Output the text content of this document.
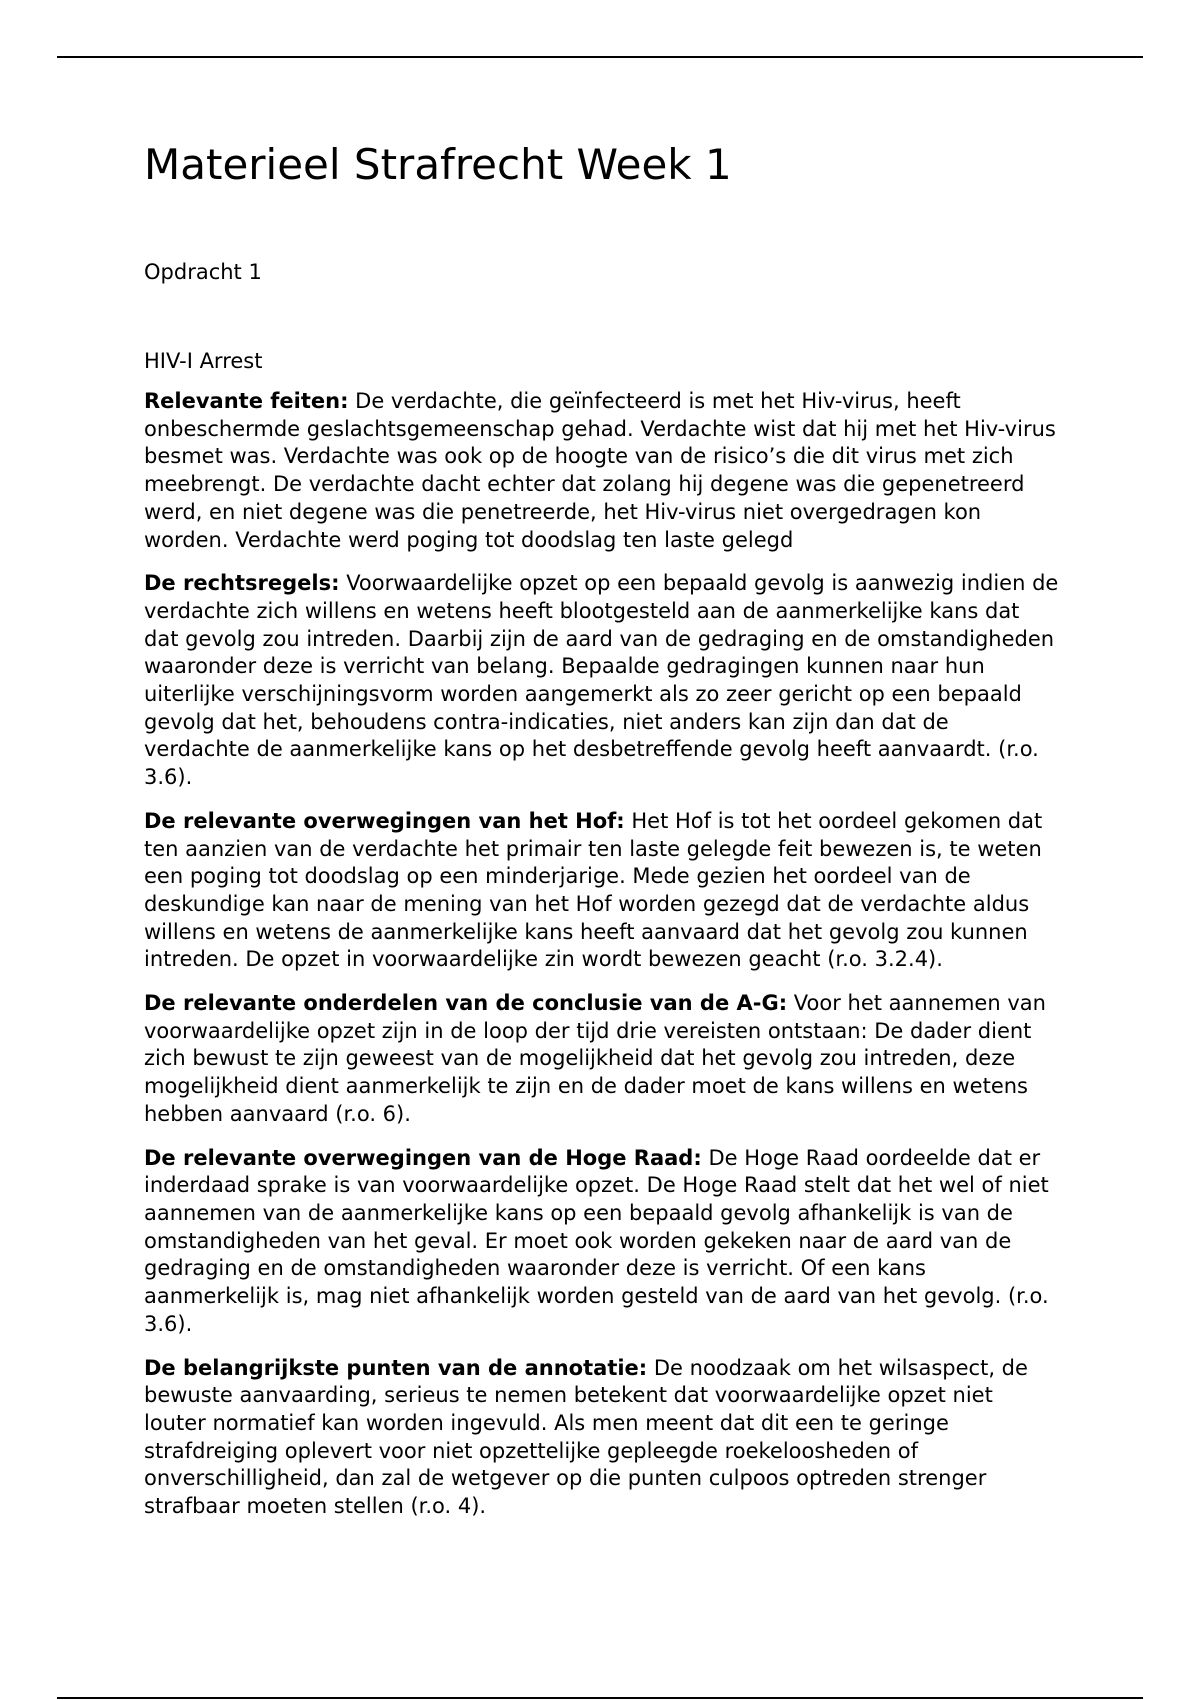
Materieel Strafrecht Week 1

Opdracht 1

HIV-I Arrest

Relevante feiten: De verdachte, die geïnfecteerd is met het Hiv-virus, heeft onbeschermde geslachtsgemeenschap gehad. Verdachte wist dat hij met het Hiv-virus besmet was. Verdachte was ook op de hoogte van de risico’s die dit virus met zich meebrengt. De verdachte dacht echter dat zolang hij degene was die gepenetreerd werd, en niet degene was die penetreerde, het Hiv-virus niet overgedragen kon worden. Verdachte werd poging tot doodslag ten laste gelegd

De rechtsregels: Voorwaardelijke opzet op een bepaald gevolg is aanwezig indien de verdachte zich willens en wetens heeft blootgesteld aan de aanmerkelijke kans dat dat gevolg zou intreden. Daarbij zijn de aard van de gedraging en de omstandigheden waaronder deze is verricht van belang. Bepaalde gedragingen kunnen naar hun uiterlijke verschijningsvorm worden aangemerkt als zo zeer gericht op een bepaald gevolg dat het, behoudens contra-indicaties, niet anders kan zijn dan dat de verdachte de aanmerkelijke kans op het desbetreffende gevolg heeft aanvaardt. (r.o. 3.6).

De relevante overwegingen van het Hof: Het Hof is tot het oordeel gekomen dat ten aanzien van de verdachte het primair ten laste gelegde feit bewezen is, te weten een poging tot doodslag op een minderjarige. Mede gezien het oordeel van de deskundige kan naar de mening van het Hof worden gezegd dat de verdachte aldus willens en wetens de aanmerkelijke kans heeft aanvaard dat het gevolg zou kunnen intreden. De opzet in voorwaardelijke zin wordt bewezen geacht (r.o. 3.2.4).

De relevante onderdelen van de conclusie van de A-G: Voor het aannemen van voorwaardelijke opzet zijn in de loop der tijd drie vereisten ontstaan: De dader dient zich bewust te zijn geweest van de mogelijkheid dat het gevolg zou intreden, deze mogelijkheid dient aanmerkelijk te zijn en de dader moet de kans willens en wetens hebben aanvaard (r.o. 6).

De relevante overwegingen van de Hoge Raad: De Hoge Raad oordeelde dat er inderdaad sprake is van voorwaardelijke opzet. De Hoge Raad stelt dat het wel of niet aannemen van de aanmerkelijke kans op een bepaald gevolg afhankelijk is van de omstandigheden van het geval. Er moet ook worden gekeken naar de aard van de gedraging en de omstandigheden waaronder deze is verricht. Of een kans aanmerkelijk is, mag niet afhankelijk worden gesteld van de aard van het gevolg. (r.o. 3.6).

De belangrijkste punten van de annotatie: De noodzaak om het wilsaspect, de bewuste aanvaarding, serieus te nemen betekent dat voorwaardelijke opzet niet louter normatief kan worden ingevuld. Als men meent dat dit een te geringe strafdreiging oplevert voor niet opzettelijke gepleegde roekeloosheden of onverschilligheid, dan zal de wetgever op die punten culpoos optreden strenger strafbaar moeten stellen (r.o. 4).
